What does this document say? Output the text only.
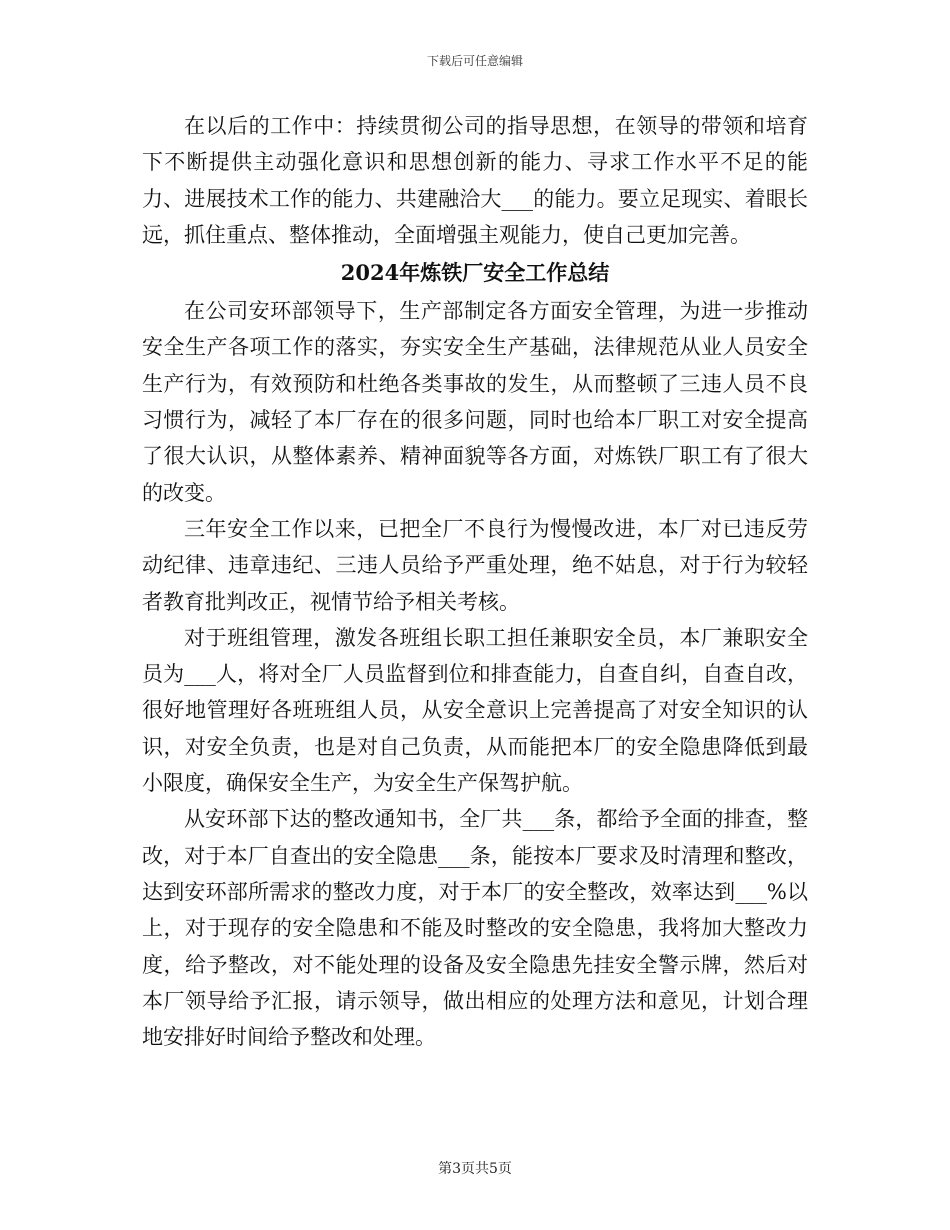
下载后可任意编辑

在以后的工作中：持续贯彻公司的指导思想，在领导的带领和培育下不断提供主动强化意识和思想创新的能力、寻求工作水平不足的能力、进展技术工作的能力、共建融洽大___的能力。要立足现实、着眼长远，抓住重点、整体推动，全面增强主观能力，使自己更加完善。

2024年炼铁厂安全工作总结

在公司安环部领导下，生产部制定各方面安全管理，为进一步推动安全生产各项工作的落实，夯实安全生产基础，法律规范从业人员安全生产行为，有效预防和杜绝各类事故的发生，从而整顿了三违人员不良习惯行为，减轻了本厂存在的很多问题，同时也给本厂职工对安全提高了很大认识，从整体素养、精神面貌等各方面，对炼铁厂职工有了很大的改变。

三年安全工作以来，已把全厂不良行为慢慢改进，本厂对已违反劳动纪律、违章违纪、三违人员给予严重处理，绝不姑息，对于行为较轻者教育批判改正，视情节给予相关考核。

对于班组管理，激发各班组长职工担任兼职安全员，本厂兼职安全员为___人，将对全厂人员监督到位和排查能力，自查自纠，自查自改，很好地管理好各班班组人员，从安全意识上完善提高了对安全知识的认识，对安全负责，也是对自己负责，从而能把本厂的安全隐患降低到最小限度，确保安全生产，为安全生产保驾护航。

从安环部下达的整改通知书，全厂共___条，都给予全面的排查，整改，对于本厂自查出的安全隐患___条，能按本厂要求及时清理和整改，达到安环部所需求的整改力度，对于本厂的安全整改，效率达到___%以上，对于现存的安全隐患和不能及时整改的安全隐患，我将加大整改力度，给予整改，对不能处理的设备及安全隐患先挂安全警示牌，然后对本厂领导给予汇报，请示领导，做出相应的处理方法和意见，计划合理地安排好时间给予整改和处理。

第3页共5页
